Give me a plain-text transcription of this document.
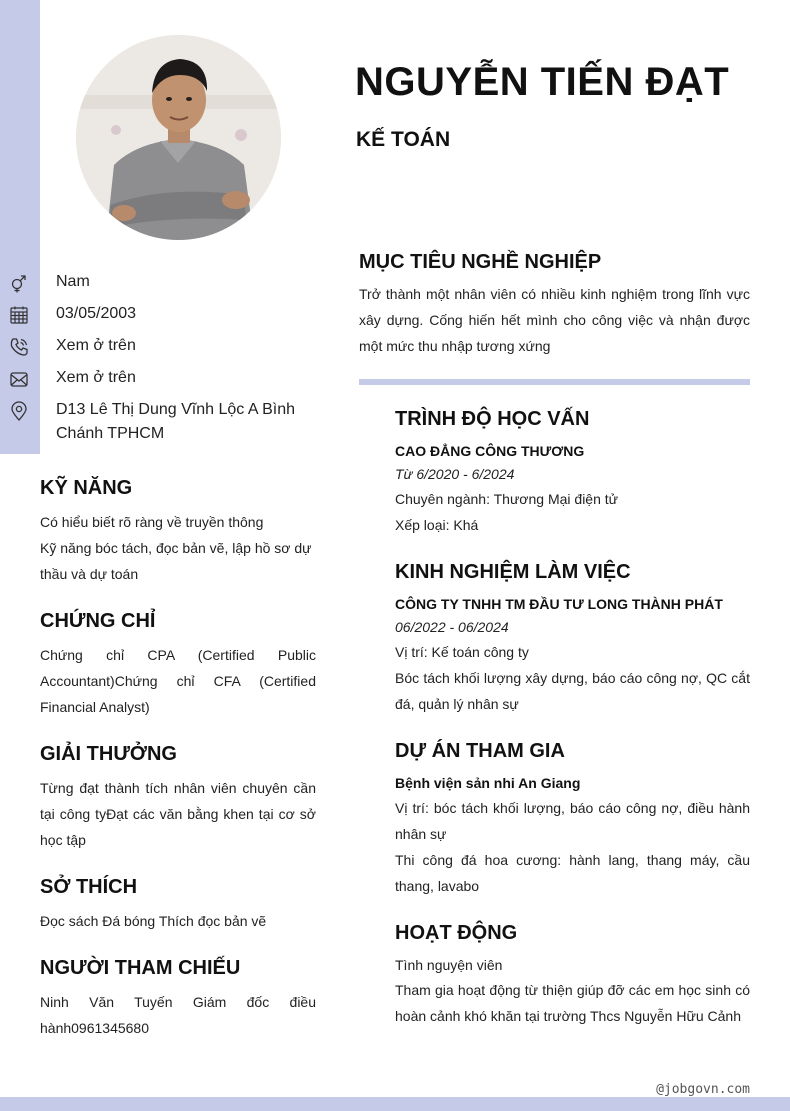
NGUYỄN TIẾN ĐẠT
KẾ TOÁN
Nam
03/05/2003
Xem ở trên
Xem ở trên
D13 Lê Thị Dung Vĩnh Lộc A Bình Chánh TPHCM
KỸ NĂNG

Có hiểu biết rõ ràng về truyền thông

Kỹ năng bóc tách, đọc bản vẽ, lập hồ sơ dự thầu và dự toán

CHỨNG CHỈ

Chứng chỉ CPA (Certified Public Accountant)Chứng chỉ CFA (Certified Financial Analyst)

GIẢI THƯỞNG

Từng đạt thành tích nhân viên chuyên cần tại công tyĐạt các văn bằng khen tại cơ sở học tập

SỞ THÍCH

Đọc sách Đá bóng Thích đọc bản vẽ

NGƯỜI THAM CHIẾU

Ninh Văn Tuyến Giám đốc điều hành0961345680

MỤC TIÊU NGHỀ NGHIỆP

Trở thành một nhân viên có nhiều kinh nghiệm trong lĩnh vực xây dựng. Cống hiến hết mình cho công việc và nhận được một mức thu nhập tương xứng

TRÌNH ĐỘ HỌC VẤN

CAO ĐẲNG CÔNG THƯƠNG

Từ 6/2020 - 6/2024

Chuyên ngành: Thương Mại điện tử

Xếp loại: Khá

KINH NGHIỆM LÀM VIỆC

CÔNG TY TNHH TM ĐẦU TƯ LONG THÀNH PHÁT

06/2022 - 06/2024

Vị trí: Kế toán công ty

Bóc tách khối lượng xây dựng, báo cáo công nợ, QC cắt đá, quản lý nhân sự

DỰ ÁN THAM GIA

Bệnh viện sản nhi An Giang

Vị trí: bóc tách khối lượng, báo cáo công nợ, điều hành nhân sự

Thi công đá hoa cương: hành lang, thang máy, cầu thang, lavabo

HOẠT ĐỘNG

Tình nguyện viên

Tham gia hoạt động từ thiện giúp đỡ các em học sinh có hoàn cảnh khó khăn tại trường Thcs Nguyễn Hữu Cảnh

@jobgovn.com
